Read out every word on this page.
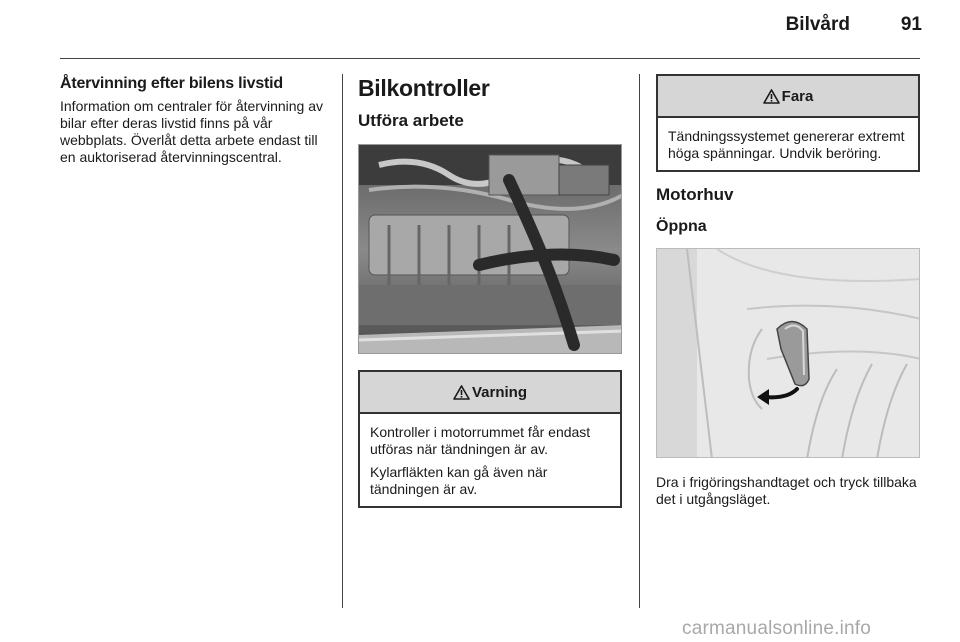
Bilvård	91
Återvinning efter bilens livstid

Information om centraler för återvinning av bilar efter deras livstid finns på vår webbplats. Överlåt detta arbete endast till en auktoriserad återvinningscentral.

Bilkontroller
Utföra arbete
Varning

Kontroller i motorrummet får endast utföras när tändningen är av.

Kylarfläkten kan gå även när tändningen är av.

Fara

Tändningssystemet genererar extremt höga spänningar. Undvik beröring.

Motorhuv
Öppna

Dra i frigöringshandtaget och tryck tillbaka det i utgångsläget.

carmanualsonline.info
